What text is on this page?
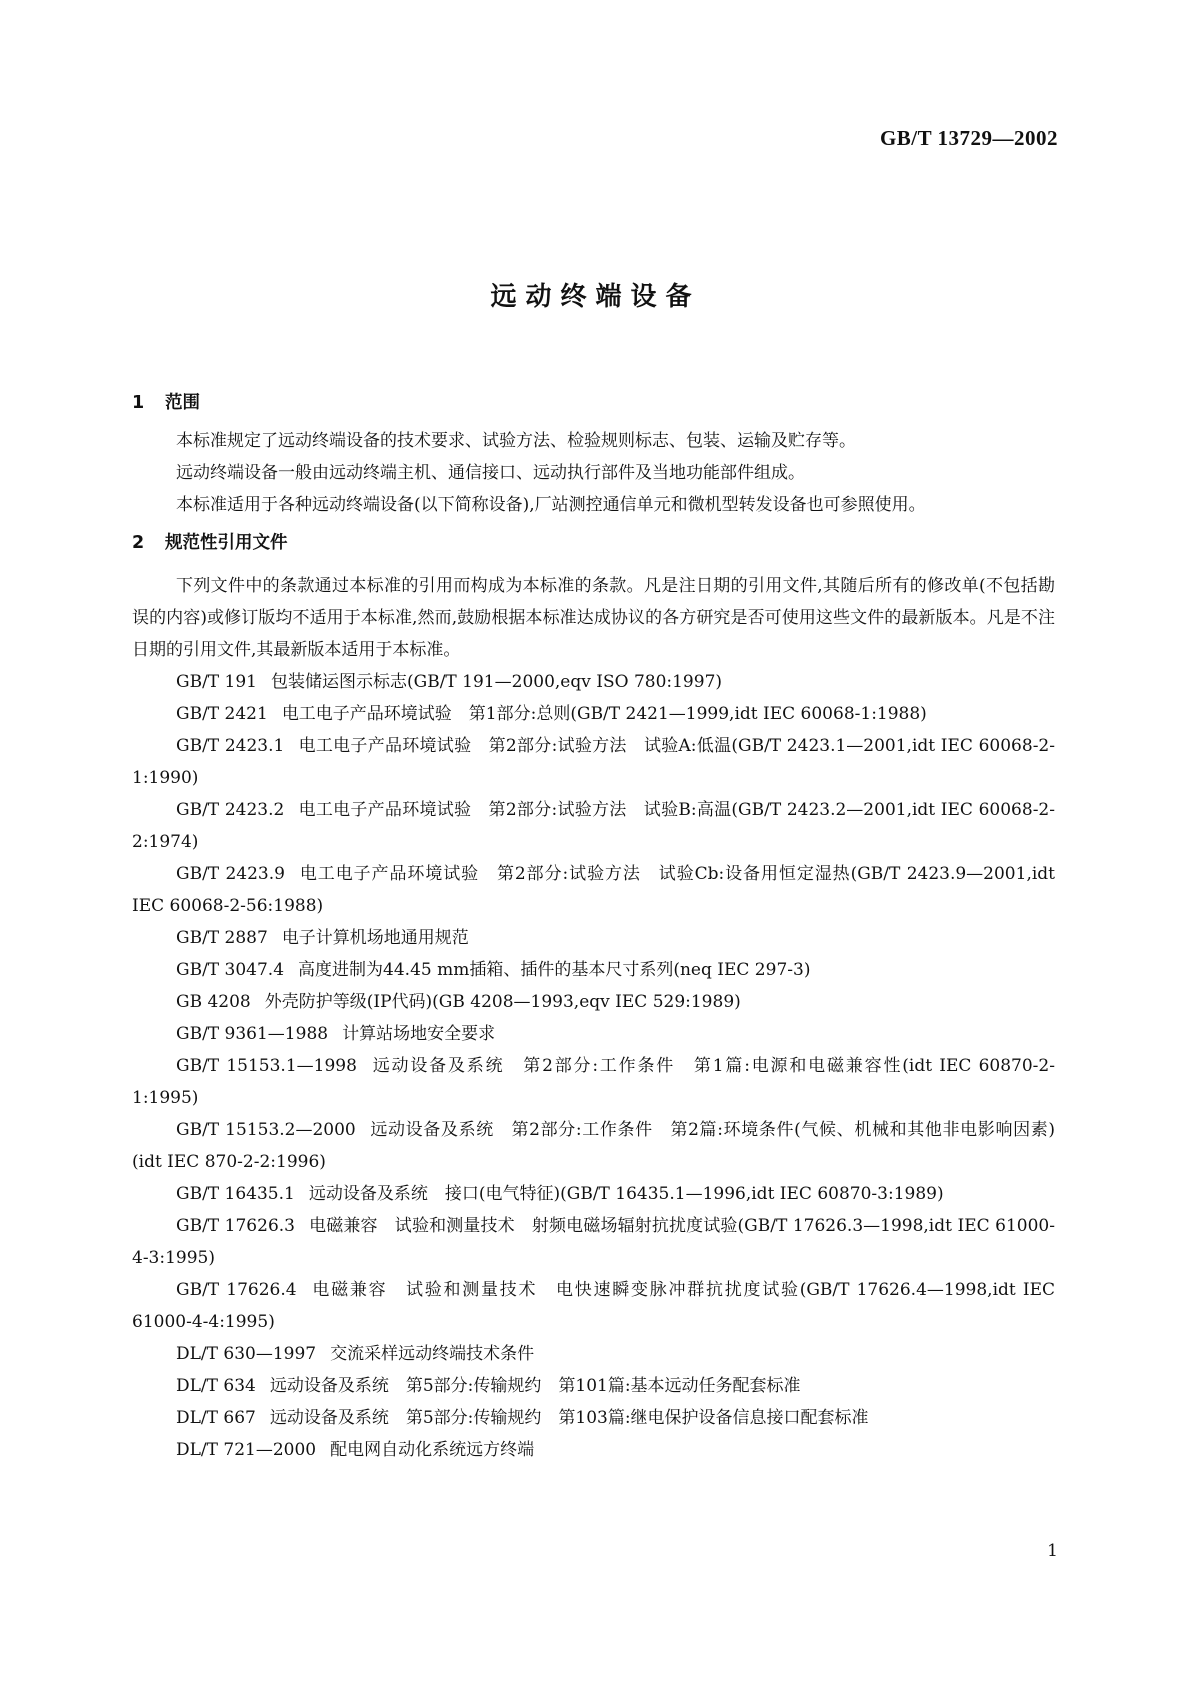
GB/T 13729—2002
远动终端设备
1 范围

本标准规定了远动终端设备的技术要求、试验方法、检验规则标志、包装、运输及贮存等。

远动终端设备一般由远动终端主机、通信接口、远动执行部件及当地功能部件组成。

本标准适用于各种远动终端设备(以下简称设备),厂站测控通信单元和微机型转发设备也可参照使用。

2 规范性引用文件

下列文件中的条款通过本标准的引用而构成为本标准的条款。凡是注日期的引用文件,其随后所有的修改单(不包括勘误的内容)或修订版均不适用于本标准,然而,鼓励根据本标准达成协议的各方研究是否可使用这些文件的最新版本。凡是不注日期的引用文件,其最新版本适用于本标准。

GB/T 191 包装储运图示标志(GB/T 191—2000,eqv ISO 780:1997)

GB/T 2421 电工电子产品环境试验　第1部分:总则(GB/T 2421—1999,idt IEC 60068-1:1988)

GB/T 2423.1 电工电子产品环境试验　第2部分:试验方法　试验A:低温(GB/T 2423.1—2001,idt IEC 60068-2-1:1990)

GB/T 2423.2 电工电子产品环境试验　第2部分:试验方法　试验B:高温(GB/T 2423.2—2001,idt IEC 60068-2-2:1974)

GB/T 2423.9 电工电子产品环境试验　第2部分:试验方法　试验Cb:设备用恒定湿热(GB/T 2423.9—2001,idt IEC 60068-2-56:1988)

GB/T 2887 电子计算机场地通用规范

GB/T 3047.4 高度进制为44.45 mm插箱、插件的基本尺寸系列(neq IEC 297-3)

GB 4208 外壳防护等级(IP代码)(GB 4208—1993,eqv IEC 529:1989)

GB/T 9361—1988 计算站场地安全要求

GB/T 15153.1—1998 远动设备及系统　第2部分:工作条件　第1篇:电源和电磁兼容性(idt IEC 60870-2-1:1995)

GB/T 15153.2—2000 远动设备及系统　第2部分:工作条件　第2篇:环境条件(气候、机械和其他非电影响因素)(idt IEC 870-2-2:1996)

GB/T 16435.1 远动设备及系统　接口(电气特征)(GB/T 16435.1—1996,idt IEC 60870-3:1989)

GB/T 17626.3 电磁兼容　试验和测量技术　射频电磁场辐射抗扰度试验(GB/T 17626.3—1998,idt IEC 61000-4-3:1995)

GB/T 17626.4 电磁兼容　试验和测量技术　电快速瞬变脉冲群抗扰度试验(GB/T 17626.4—1998,idt IEC 61000-4-4:1995)

DL/T 630—1997 交流采样远动终端技术条件

DL/T 634 远动设备及系统　第5部分:传输规约　第101篇:基本远动任务配套标准

DL/T 667 远动设备及系统　第5部分:传输规约　第103篇:继电保护设备信息接口配套标准

DL/T 721—2000 配电网自动化系统远方终端

1
